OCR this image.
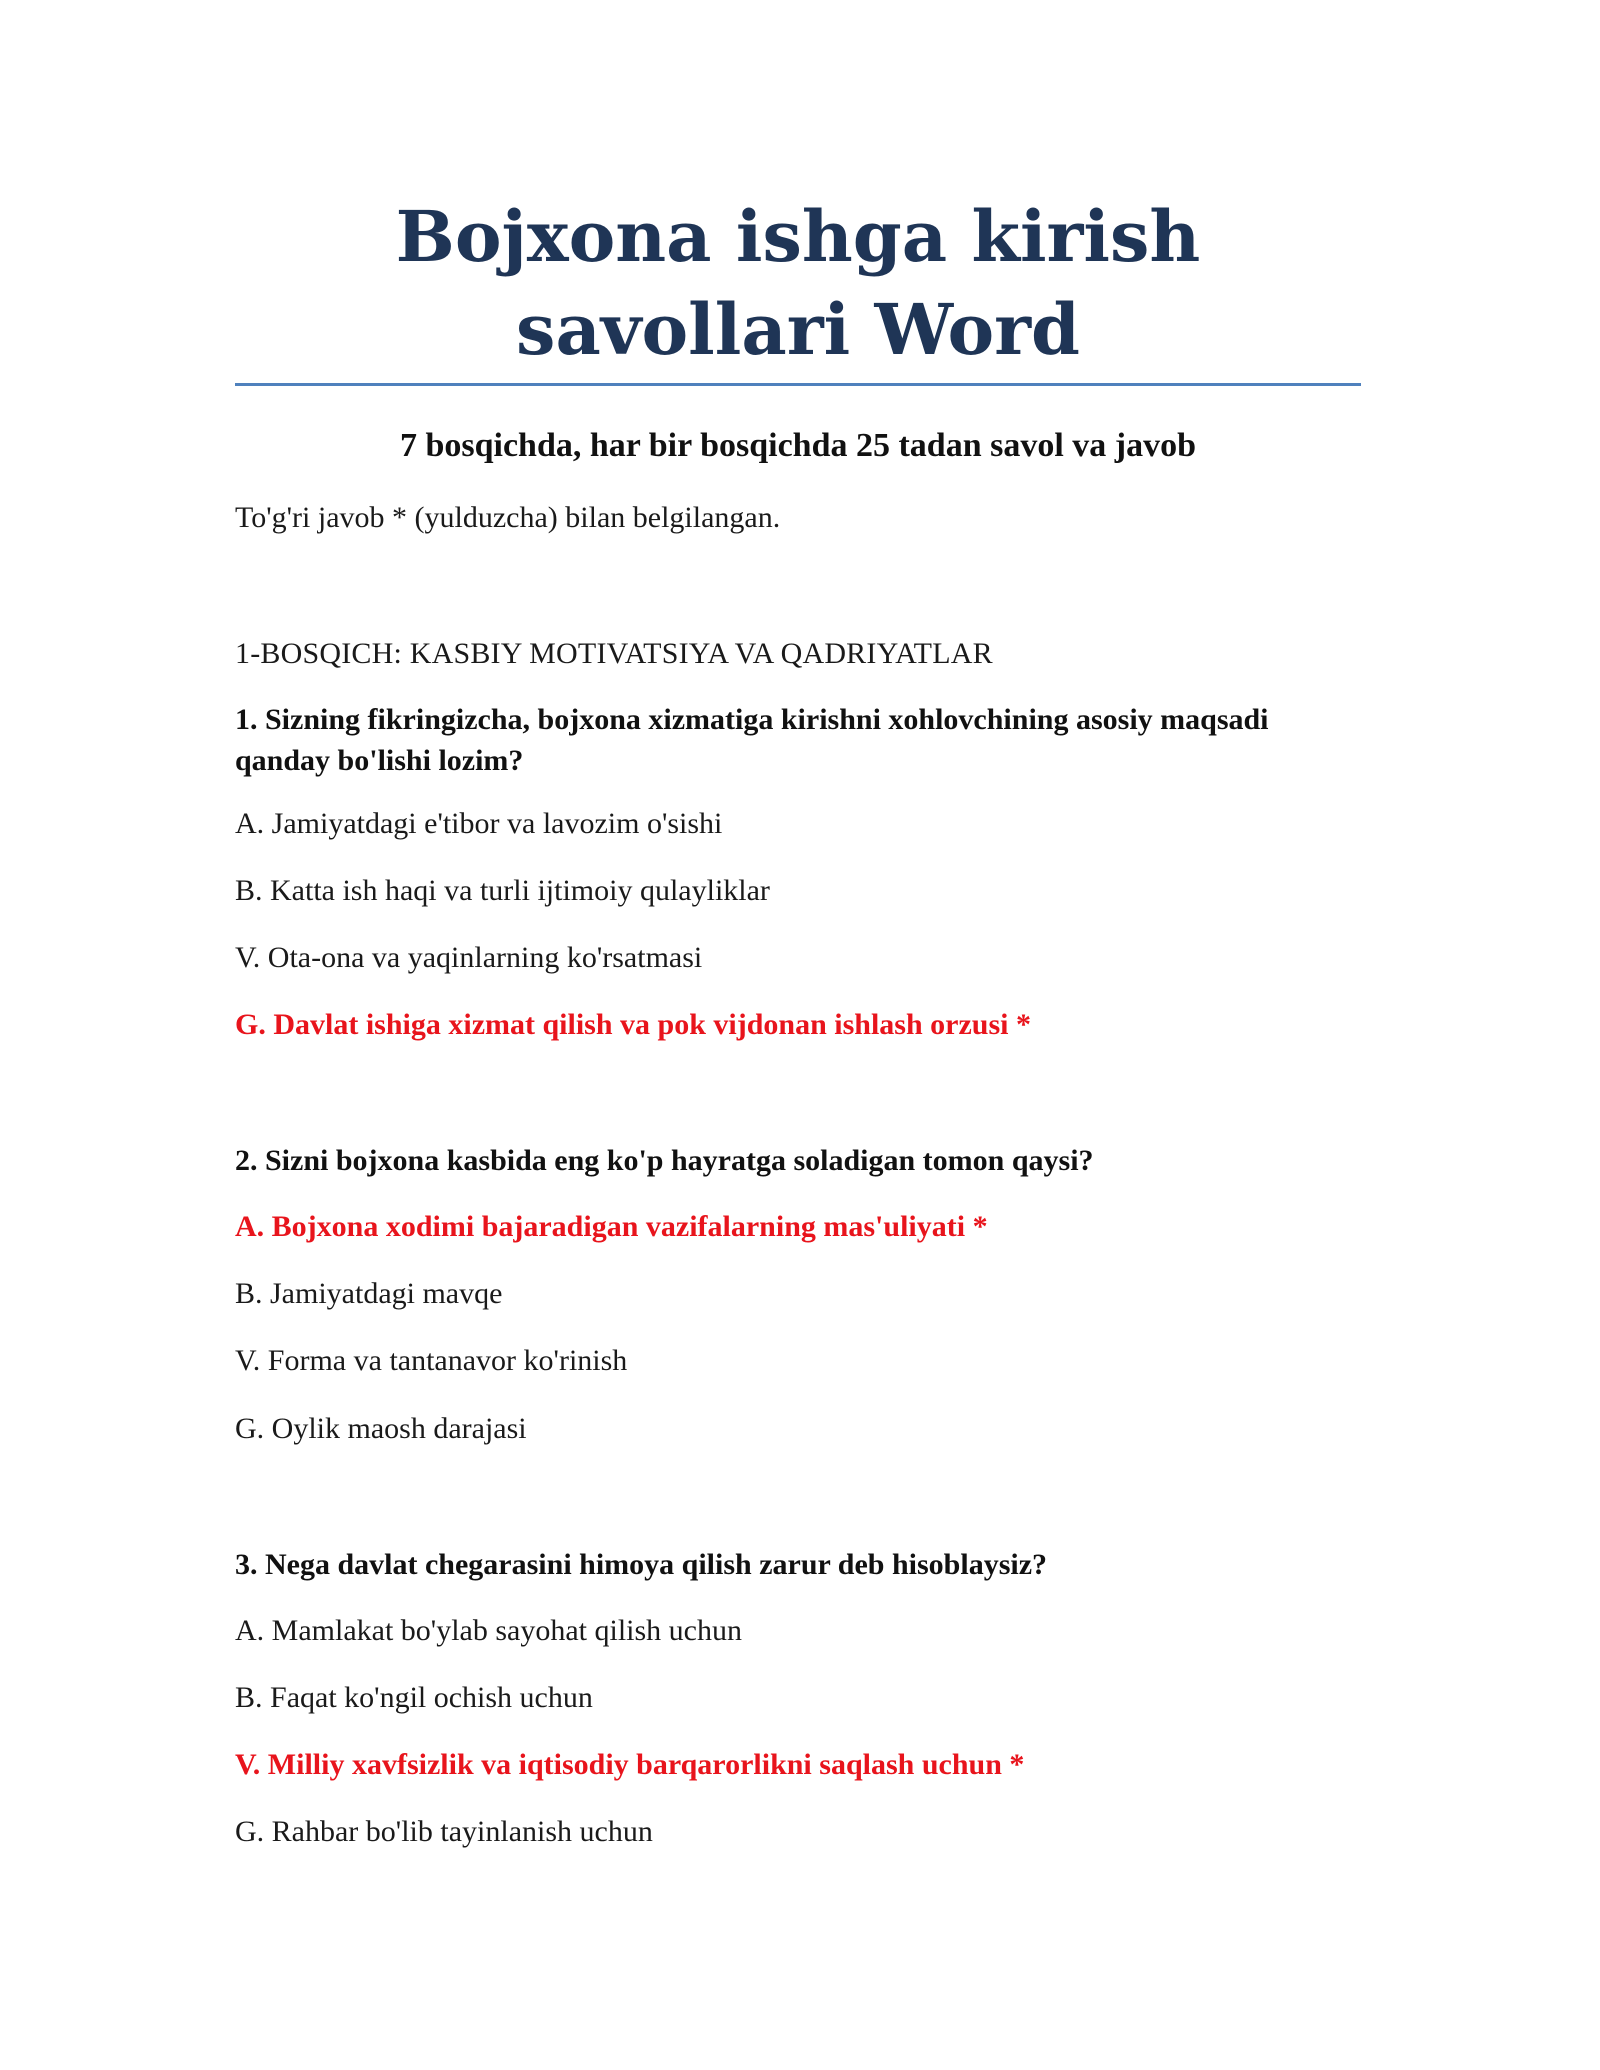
Bojxona ishga kirish savollari Word
7 bosqichda, har bir bosqichda 25 tadan savol va javob
To'g'ri javob * (yulduzcha) bilan belgilangan.
1-BOSQICH: KASBIY MOTIVATSIYA VA QADRIYATLAR
1. Sizning fikringizcha, bojxona xizmatiga kirishni xohlovchining asosiy maqsadi qanday bo'lishi lozim?
A. Jamiyatdagi e'tibor va lavozim o'sishi
B. Katta ish haqi va turli ijtimoiy qulayliklar
V. Ota-ona va yaqinlarning ko'rsatmasi
G. Davlat ishiga xizmat qilish va pok vijdonan ishlash orzusi *
2. Sizni bojxona kasbida eng ko'p hayratga soladigan tomon qaysi?
A. Bojxona xodimi bajaradigan vazifalarning mas'uliyati *
B. Jamiyatdagi mavqe
V. Forma va tantanavor ko'rinish
G. Oylik maosh darajasi
3. Nega davlat chegarasini himoya qilish zarur deb hisoblaysiz?
A. Mamlakat bo'ylab sayohat qilish uchun
B. Faqat ko'ngil ochish uchun
V. Milliy xavfsizlik va iqtisodiy barqarorlikni saqlash uchun *
G. Rahbar bo'lib tayinlanish uchun
